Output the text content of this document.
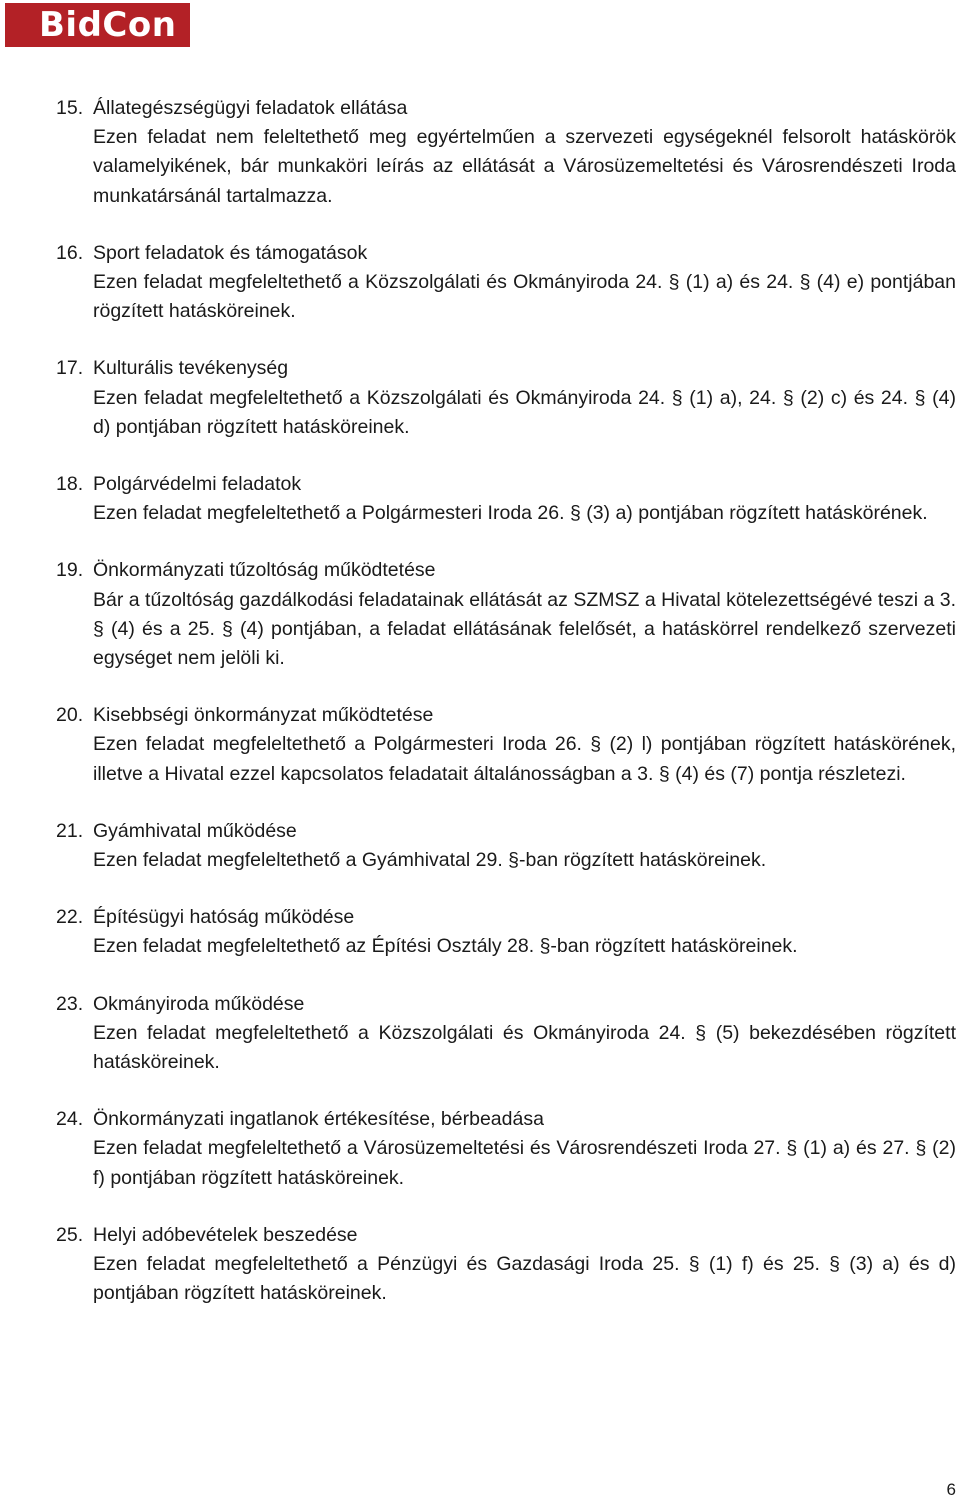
BidCon
15. Állategészségügyi feladatok ellátása
Ezen feladat nem feleltethető meg egyértelműen a szervezeti egységeknél felsorolt hatáskörök valamelyikének, bár munkaköri leírás az ellátását a Városüzemeltetési és Városrendészeti Iroda munkatársánál tartalmazza.
16. Sport feladatok és támogatások
Ezen feladat megfeleltethető a Közszolgálati és Okmányiroda 24. § (1) a) és 24. § (4) e) pontjában rögzített hatásköreinek.
17. Kulturális tevékenység
Ezen feladat megfeleltethető a Közszolgálati és Okmányiroda 24. § (1) a), 24. § (2) c) és 24. § (4) d) pontjában rögzített hatásköreinek.
18. Polgárvédelmi feladatok
Ezen feladat megfeleltethető a Polgármesteri Iroda 26. § (3) a) pontjában rögzített hatáskörének.
19. Önkormányzati tűzoltóság működtetése
Bár a tűzoltóság gazdálkodási feladatainak ellátását az SZMSZ a Hivatal kötelezettségévé teszi a 3. § (4) és a 25. § (4) pontjában, a feladat ellátásának felelősét, a hatáskörrel rendelkező szervezeti egységet nem jelöli ki.
20. Kisebbségi önkormányzat működtetése
Ezen feladat megfeleltethető a Polgármesteri Iroda 26. § (2) l) pontjában rögzített hatáskörének, illetve a Hivatal ezzel kapcsolatos feladatait általánosságban a 3. § (4) és (7) pontja részletezi.
21. Gyámhivatal működése
Ezen feladat megfeleltethető a Gyámhivatal 29. §-ban rögzített hatásköreinek.
22. Építésügyi hatóság működése
Ezen feladat megfeleltethető az Építési Osztály 28. §-ban rögzített hatásköreinek.
23. Okmányiroda működése
Ezen feladat megfeleltethető a Közszolgálati és Okmányiroda 24. § (5) bekezdésében rögzített hatásköreinek.
24. Önkormányzati ingatlanok értékesítése, bérbeadása
Ezen feladat megfeleltethető a Városüzemeltetési és Városrendészeti Iroda 27. § (1) a) és 27. § (2) f) pontjában rögzített hatásköreinek.
25. Helyi adóbevételek beszedése
Ezen feladat megfeleltethető a Pénzügyi és Gazdasági Iroda 25. § (1) f) és 25. § (3) a) és d) pontjában rögzített hatásköreinek.
6
